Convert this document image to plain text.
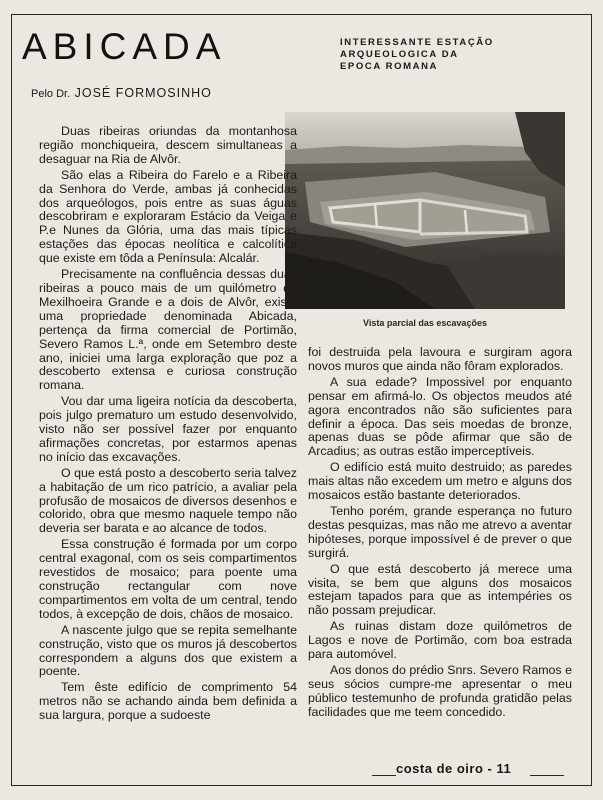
ABICADA
Pelo Dr. JOSÉ FORMOSINHO
INTERESSANTE ESTAÇÃO
ARQUEOLOGICA DA
EPOCA ROMANA
Vista parcial das escavações

Duas ribeiras oriundas da montanhosa região monchiqueira, descem simultaneas a desaguar na Ria de Alvôr.

São elas a Ribeira do Farelo e a Ribeira da Senhora do Verde, ambas já conhecidas dos arqueólogos, pois entre as suas águas descobriram e exploraram Estácio da Veiga e P.e Nunes da Glória, uma das mais típicas estações das épocas neolítica e calcolítica que existe em tôda a Península: Alcalár.

Precisamente na confluência dessas duas ribeiras a pouco mais de um quilómetro da Mexilhoeira Grande e a dois de Alvôr, existe uma propriedade denominada Abicada, pertença da firma comercial de Portimão, Severo Ramos L.ª, onde em Setembro deste ano, iniciei uma larga exploração que poz a descoberto extensa e curiosa construção romana.

Vou dar uma ligeira notícia da descoberta, pois julgo prematuro um estudo desenvolvido, visto não ser possível fazer por enquanto afirmações concretas, por estarmos apenas no início das excavações.

O que está posto a descoberto seria talvez a habitação de um rico patrício, a avaliar pela profusão de mosaicos de diversos desenhos e colorido, obra que mesmo naquele tempo não deveria ser barata e ao alcance de todos.

Essa construção é formada por um corpo central exagonal, com os seis compartimentos revestidos de mosaico; para poente uma construção rectangular com nove compartimentos em volta de um central, tendo todos, à excepção de dois, chãos de mosaico.

A nascente julgo que se repita semelhante construção, visto que os muros já descobertos correspondem a alguns dos que existem a poente.

Tem êste edifício de comprimento 54 metros não se achando ainda bem definida a sua largura, porque a sudoeste

foi destruida pela lavoura e surgiram agora novos muros que ainda não fôram explorados.

A sua edade? Impossivel por enquanto pensar em afirmá-lo. Os objectos meudos até agora encontrados não são suficientes para definir a época. Das seis moedas de bronze, apenas duas se pôde afirmar que são de Arcadius; as outras estão imperceptíveis.

O edifício está muito destruido; as paredes mais altas não excedem um metro e alguns dos mosaicos estão bastante deteriorados.

Tenho porém, grande esperança no futuro destas pesquizas, mas não me atrevo a aventar hipóteses, porque impossível é de prever o que surgirá.

O que está descoberto já merece uma visita, se bem que alguns dos mosaicos estejam tapados para que as intempéries os não possam prejudicar.

As ruinas distam doze quilómetros de Lagos e nove de Portimão, com boa estrada para automóvel.

Aos donos do prédio Snrs. Severo Ramos e seus sócios cumpre-me apresentar o meu público testemunho de profunda gratidão pelas facilidades que me teem concedido.

costa de oiro - 11
